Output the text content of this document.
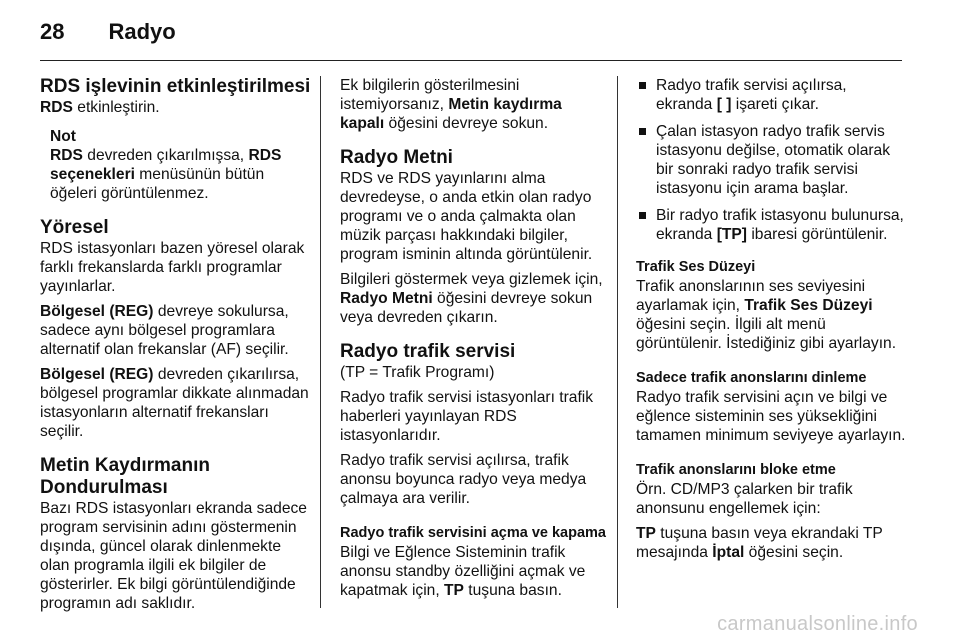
28 Radyo
RDS işlevinin etkinleştirilmesi

RDS etkinleştirin.

Not
RDS devreden çıkarılmışsa, RDS seçenekleri menüsünün bütün öğeleri görüntülenmez.
Yöresel

RDS istasyonları bazen yöresel olarak farklı frekanslarda farklı programlar yayınlarlar.

Bölgesel (REG) devreye sokulursa, sadece aynı bölgesel programlara alternatif olan frekanslar (AF) seçilir.

Bölgesel (REG) devreden çıkarılırsa, bölgesel programlar dikkate alınmadan istasyonların alternatif frekansları seçilir.

Metin Kaydırmanın Dondurulması

Bazı RDS istasyonları ekranda sadece program servisinin adını göstermenin dışında, güncel olarak dinlenmekte olan programla ilgili ek bilgiler de gösterirler. Ek bilgi görüntülendiğinde programın adı saklıdır.

Ek bilgilerin gösterilmesini istemiyorsanız, Metin kaydırma kapalı öğesini devreye sokun.

Radyo Metni

RDS ve RDS yayınlarını alma devredeyse, o anda etkin olan radyo programı ve o anda çalmakta olan müzik parçası hakkındaki bilgiler, program isminin altında görüntülenir.

Bilgileri göstermek veya gizlemek için, Radyo Metni öğesini devreye sokun veya devreden çıkarın.

Radyo trafik servisi

(TP = Trafik Programı)

Radyo trafik servisi istasyonları trafik haberleri yayınlayan RDS istasyonlarıdır.

Radyo trafik servisi açılırsa, trafik anonsu boyunca radyo veya medya çalmaya ara verilir.

Radyo trafik servisini açma ve kapama

Bilgi ve Eğlence Sisteminin trafik anonsu standby özelliğini açmak ve kapatmak için, TP tuşuna basın.

Radyo trafik servisi açılırsa, ekranda [ ] işareti çıkar.
Çalan istasyon radyo trafik servis istasyonu değilse, otomatik olarak bir sonraki radyo trafik servisi istasyonu için arama başlar.
Bir radyo trafik istasyonu bulunursa, ekranda [TP] ibaresi görüntülenir.
Trafik Ses Düzeyi

Trafik anonslarının ses seviyesini ayarlamak için, Trafik Ses Düzeyi öğesini seçin. İlgili alt menü görüntülenir. İstediğiniz gibi ayarlayın.

Sadece trafik anonslarını dinleme

Radyo trafik servisini açın ve bilgi ve eğlence sisteminin ses yüksekliğini tamamen minimum seviyeye ayarlayın.

Trafik anonslarını bloke etme

Örn. CD/MP3 çalarken bir trafik anonsunu engellemek için:

TP tuşuna basın veya ekrandaki TP mesajında İptal öğesini seçin.

carmanualsonline.info
